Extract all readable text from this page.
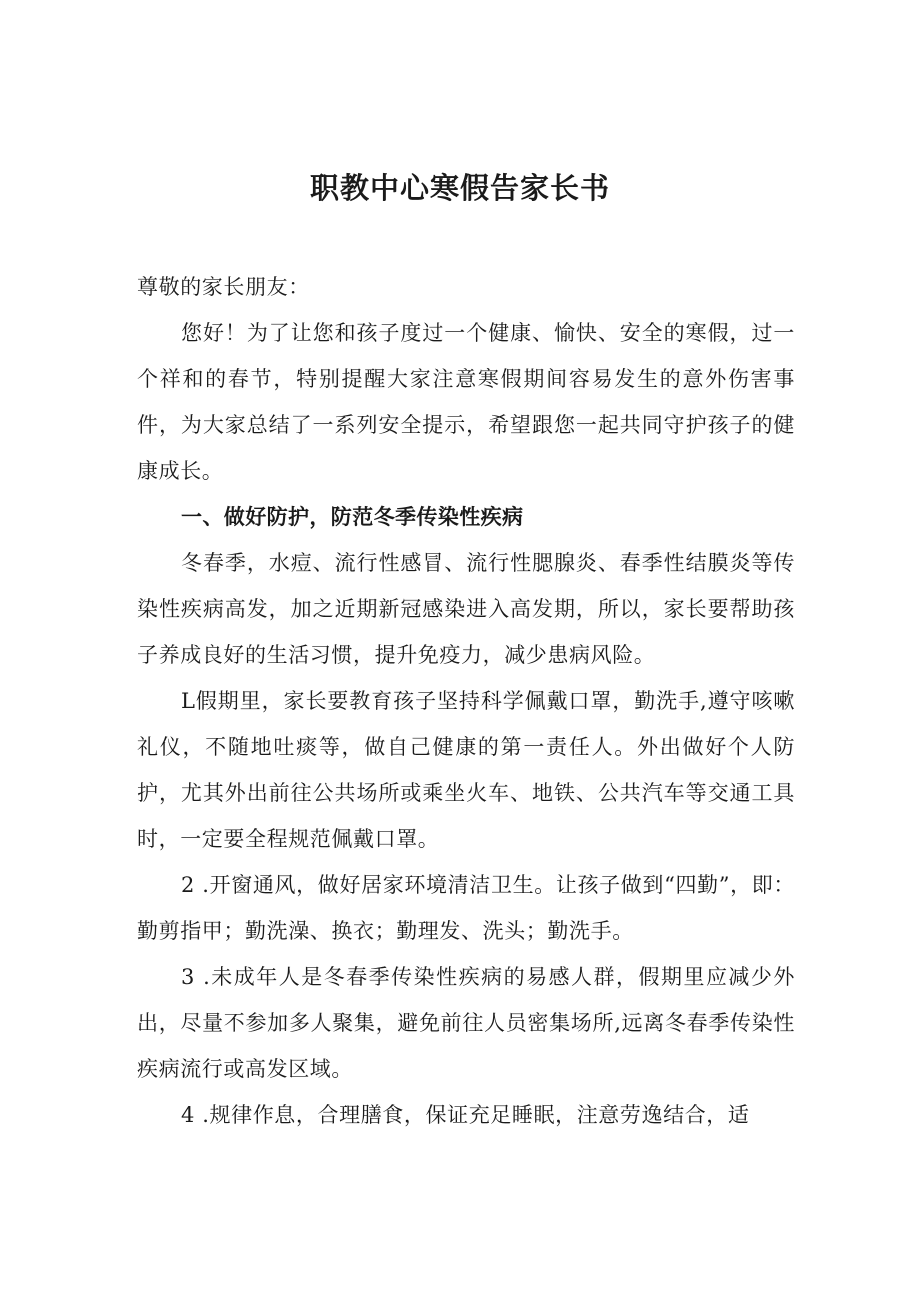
职教中心寒假告家长书

尊敬的家长朋友：

您好！为了让您和孩子度过一个健康、愉快、安全的寒假，过一个祥和的春节，特别提醒大家注意寒假期间容易发生的意外伤害事件，为大家总结了一系列安全提示，希望跟您一起共同守护孩子的健康成长。

一、做好防护，防范冬季传染性疾病

冬春季，水痘、流行性感冒、流行性腮腺炎、春季性结膜炎等传染性疾病高发，加之近期新冠感染进入高发期，所以，家长要帮助孩子养成良好的生活习惯，提升免疫力，减少患病风险。

L假期里，家长要教育孩子坚持科学佩戴口罩，勤洗手,遵守咳嗽礼仪，不随地吐痰等，做自己健康的第一责任人。外出做好个人防护，尤其外出前往公共场所或乘坐火车、地铁、公共汽车等交通工具时，一定要全程规范佩戴口罩。

2 .开窗通风，做好居家环境清洁卫生。让孩子做到“四勤”，即：勤剪指甲；勤洗澡、换衣；勤理发、洗头；勤洗手。

3 .未成年人是冬春季传染性疾病的易感人群，假期里应减少外出，尽量不参加多人聚集，避免前往人员密集场所,远离冬春季传染性疾病流行或高发区域。

4 .规律作息，合理膳食，保证充足睡眠，注意劳逸结合，适
